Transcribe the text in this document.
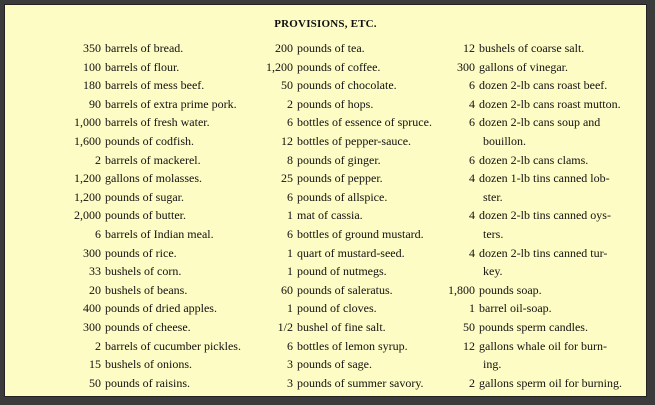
PROVISIONS, ETC.
350 barrels of bread.
100 barrels of flour.
180 barrels of mess beef.
90 barrels of extra prime pork.
1,000 barrels of fresh water.
1,600 pounds of codfish.
2 barrels of mackerel.
1,200 gallons of molasses.
1,200 pounds of sugar.
2,000 pounds of butter.
6 barrels of Indian meal.
300 pounds of rice.
33 bushels of corn.
20 bushels of beans.
400 pounds of dried apples.
300 pounds of cheese.
2 barrels of cucumber pickles.
15 bushels of onions.
50 pounds of raisins.
200 pounds of tea.
1,200 pounds of coffee.
50 pounds of chocolate.
2 pounds of hops.
6 bottles of essence of spruce.
12 bottles of pepper-sauce.
8 pounds of ginger.
25 pounds of pepper.
6 pounds of allspice.
1 mat of cassia.
6 bottles of ground mustard.
1 quart of mustard-seed.
1 pound of nutmegs.
60 pounds of saleratus.
1 pound of cloves.
1/2 bushel of fine salt.
6 bottles of lemon syrup.
3 pounds of sage.
3 pounds of summer savory.
12 bushels of coarse salt.
300 gallons of vinegar.
6 dozen 2-lb cans roast beef.
4 dozen 2-lb cans roast mutton.
6 dozen 2-lb cans soup and
bouillon.
6 dozen 2-lb cans clams.
4 dozen 1-lb tins canned lob-
ster.
4 dozen 2-lb tins canned oys-
ters.
4 dozen 2-lb tins canned tur-
key.
1,800 pounds soap.
1 barrel oil-soap.
50 pounds sperm candles.
12 gallons whale oil for burn-
ing.
2 gallons sperm oil for burning.
